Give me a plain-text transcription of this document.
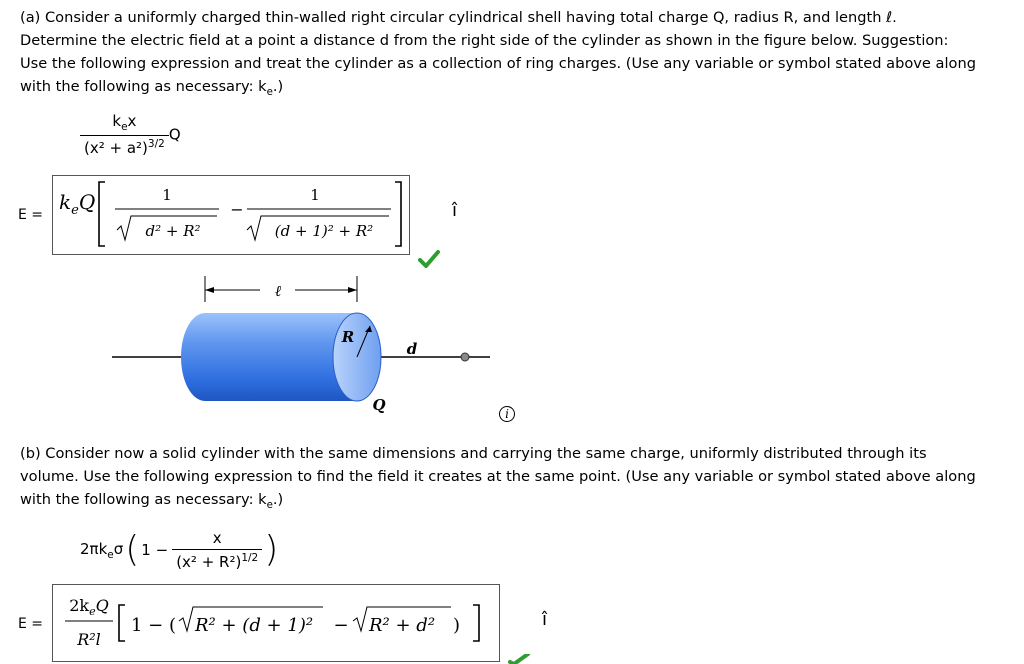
(a) Consider a uniformly charged thin-walled right circular cylindrical shell having total charge Q, radius R, and length ℓ.

Determine the electric field at a point a distance d from the right side of the cylinder as shown in the figure below. Suggestion:

Use the following expression and treat the cylinder as a collection of ring charges. (Use any variable or symbol stated above along

with the following as necessary: $k_e$.)

$\frac{k_ex}{(x^2 + a^2)^{3/2}}$ Q
E =
$k_eQ$	1
d² + R²
−
1
(d + 1)² + R²
î
ℓ
R
d
Q	i

(b) Consider now a solid cylinder with the same dimensions and carrying the same charge, uniformly distributed through its

volume. Use the following expression to find the field it creates at the same point. (Use any variable or symbol stated above along

with the following as necessary: $k_e$.)

$2\pi k_e\sigma$ ( $1 - \frac{x}{(x^2 + R^2)^{1/2}}$ )
E =
$2k_eQ$
R²l
1 − ( R² + (d + 1)² − R² + d² )	î
